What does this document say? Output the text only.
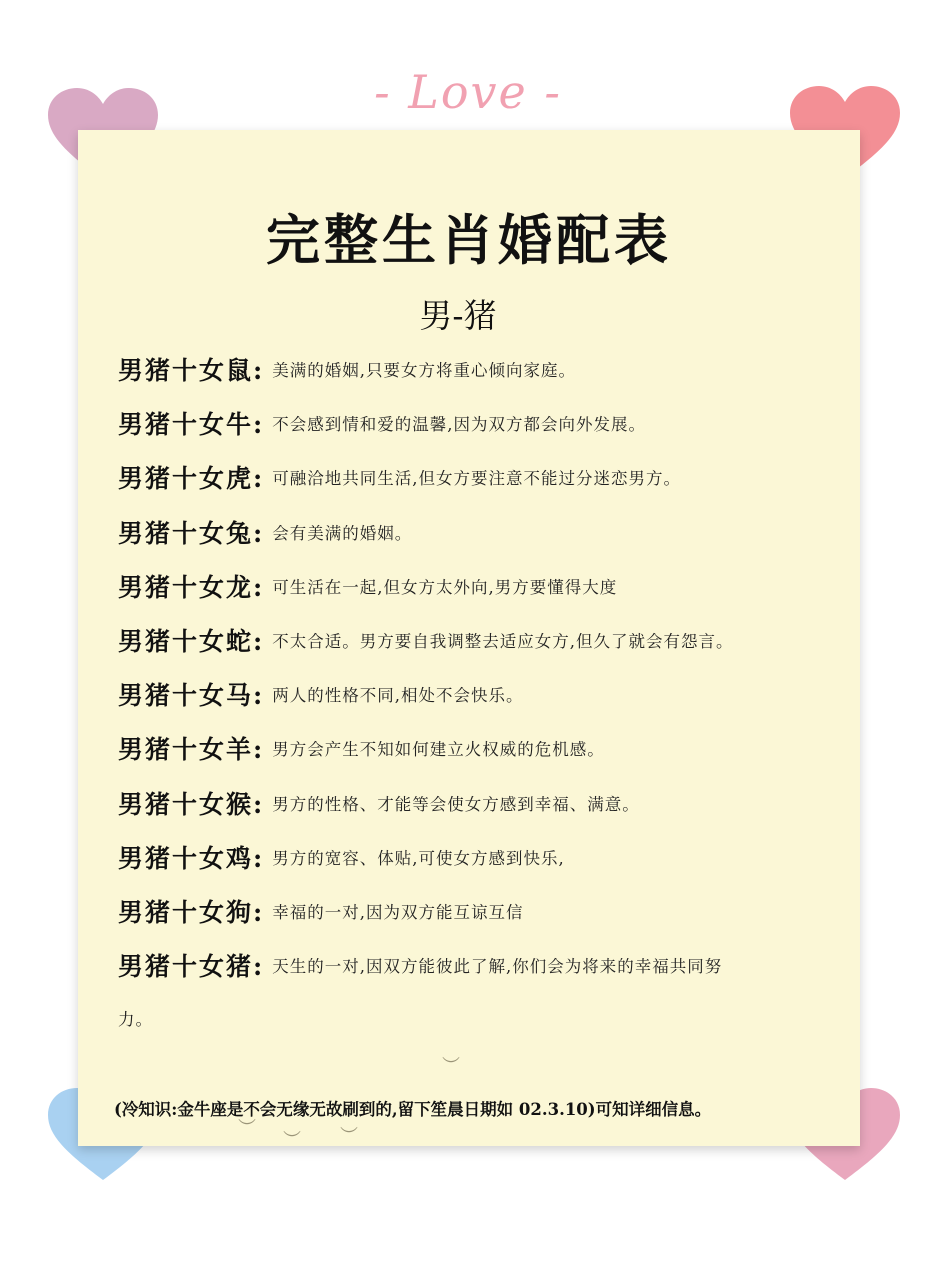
- Love -
完整生肖婚配表
男-猪
男猪十女鼠: 美满的婚姻,只要女方将重心倾向家庭。
男猪十女牛: 不会感到情和爱的温馨,因为双方都会向外发展。
男猪十女虎: 可融洽地共同生活,但女方要注意不能过分迷恋男方。
男猪十女兔: 会有美满的婚姻。
男猪十女龙: 可生活在一起,但女方太外向,男方要懂得大度
男猪十女蛇: 不太合适。男方要自我调整去适应女方,但久了就会有怨言。
男猪十女马: 两人的性格不同,相处不会快乐。
男猪十女羊: 男方会产生不知如何建立火权威的危机感。
男猪十女猴: 男方的性格、才能等会使女方感到幸福、满意。
男猪十女鸡: 男方的宽容、体贴,可使女方感到快乐,
男猪十女狗: 幸福的一对,因为双方能互谅互信
男猪十女猪: 天生的一对,因双方能彼此了解,你们会为将来的幸福共同努
力。
︶
(冷知识:金牛座是不会无缘无故刷到的,留下笙晨日期如 02.3.10)可知详细信息。
︶
︶ ︶
